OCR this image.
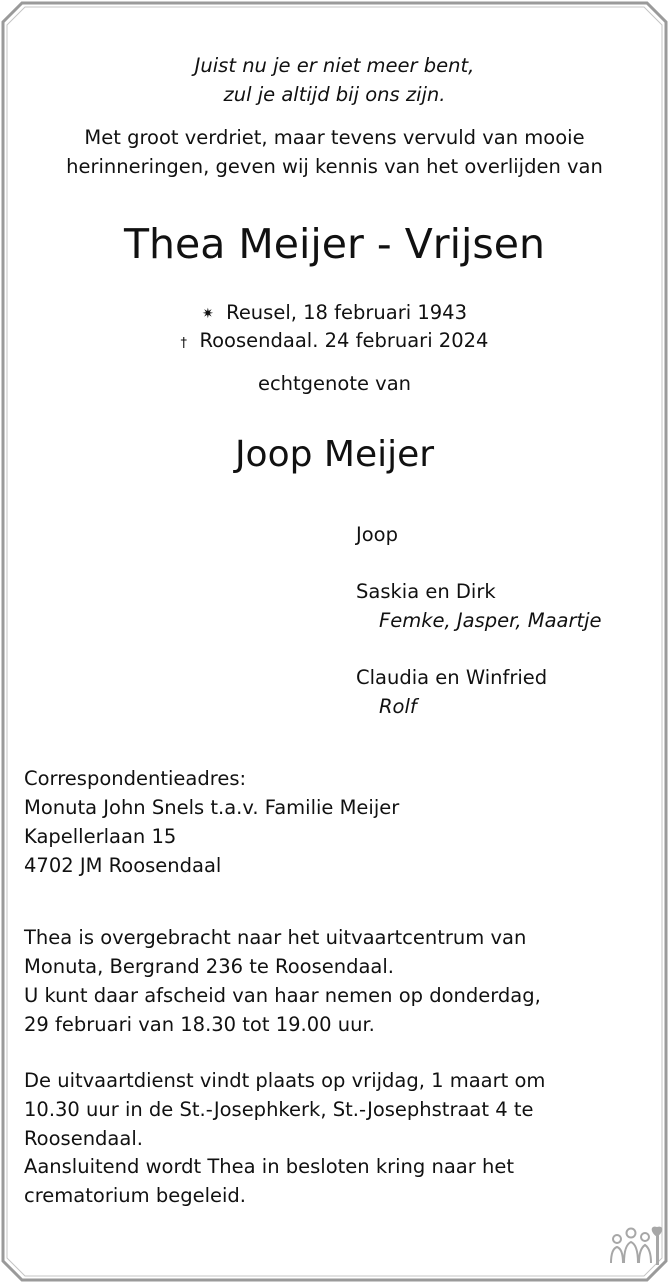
Juist nu je er niet meer bent,

zul je altijd bij ons zijn.

Met groot verdriet, maar tevens vervuld van mooie

herinneringen, geven wij kennis van het overlijden van

Thea Meijer - Vrijsen

✷ Reusel, 18 februari 1943

† Roosendaal. 24 februari 2024

echtgenote van

Joop Meijer

Joop

Saskia en Dirk

Femke, Jasper, Maartje

Claudia en Winfried

Rolf

Correspondentieadres:

Monuta John Snels t.a.v. Familie Meijer

Kapellerlaan 15

4702 JM Roosendaal

Thea is overgebracht naar het uitvaartcentrum van

Monuta, Bergrand 236 te Roosendaal.

U kunt daar afscheid van haar nemen op donderdag,

29 februari van 18.30 tot 19.00 uur.

De uitvaartdienst vindt plaats op vrijdag, 1 maart om

10.30 uur in de St.-Josephkerk, St.-Josephstraat 4 te

Roosendaal.

Aansluitend wordt Thea in besloten kring naar het

crematorium begeleid.
